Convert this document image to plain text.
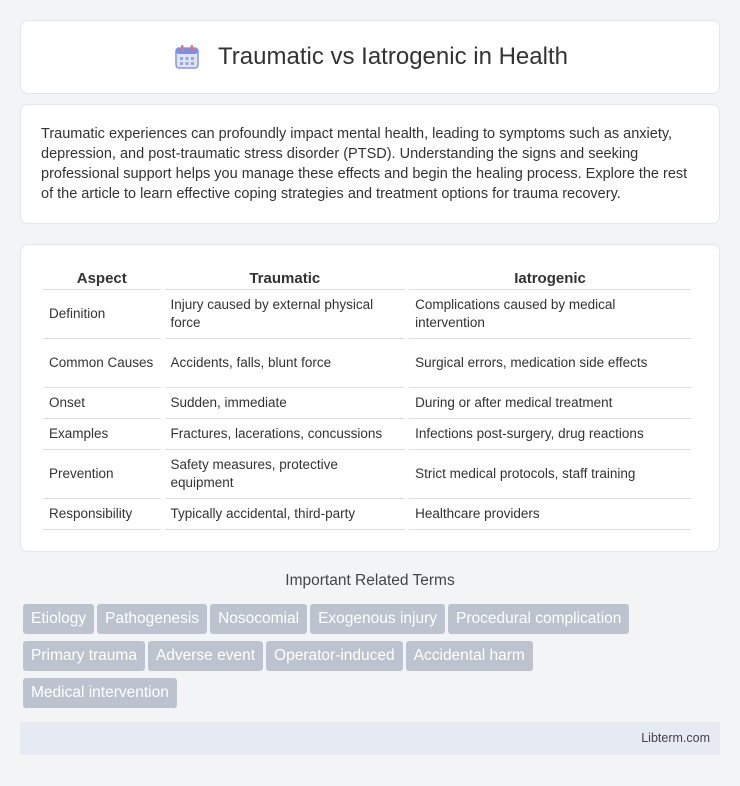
Traumatic vs Iatrogenic in Health

Traumatic experiences can profoundly impact mental health, leading to symptoms such as anxiety, depression, and post-traumatic stress disorder (PTSD). Understanding the signs and seeking professional support helps you manage these effects and begin the healing process. Explore the rest of the article to learn effective coping strategies and treatment options for trauma recovery.

Aspect	Traumatic	Iatrogenic
Definition	Injury caused by external physical force	Complications caused by medical intervention
Common Causes	Accidents, falls, blunt force	Surgical errors, medication side effects
Onset	Sudden, immediate	During or after medical treatment
Examples	Fractures, lacerations, concussions	Infections post-surgery, drug reactions
Prevention	Safety measures, protective equipment	Strict medical protocols, staff training
Responsibility	Typically accidental, third-party	Healthcare providers
Important Related Terms
Etiology Pathogenesis Nosocomial Exogenous injury Procedural complication
Primary trauma Adverse event Operator-induced Accidental harm
Medical intervention
Libterm.com
